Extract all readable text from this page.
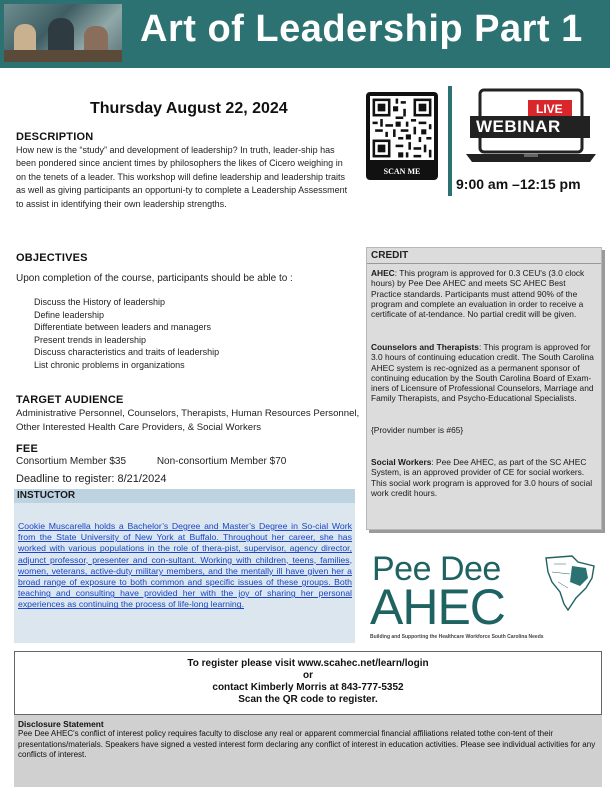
Art of Leadership Part 1
Thursday August 22, 2024
SCAN ME
LIVE
WEBINAR
9:00 am –12:15 pm
DESCRIPTION
How new is the “study” and development of leadership? In truth, leader-ship has been pondered since ancient times by philosophers the likes of Cicero weighing in on the tenets of a leader. This workshop will define leadership and leadership traits as well as giving participants an opportuni-ty to complete a Leadership Assessment to assist in identifying their own leadership strengths.
OBJECTIVES
Upon completion of the course, participants should be able to :
Discuss the History of leadership
Define leadership
Differentiate between leaders and managers
Present trends in leadership
Discuss characteristics and traits of leadership
List chronic problems in organizations
TARGET AUDIENCE
Administrative Personnel, Counselors, Therapists, Human Resources Personnel, Other Interested Health Care Providers, & Social Workers
FEE
Consortium Member $35	Non-consortium Member $70
Deadline to register: 8/21/2024
INSTUCTOR
Cookie Muscarella holds a Bachelor’s Degree and Master’s Degree in So-cial Work from the State University of New York at Buffalo. Throughout her career, she has worked with various populations in the role of thera-pist, supervisor, agency director, adjunct professor, presenter and con-sultant. Working with children, teens, families, women, veterans, active-duty military members, and the mentally ill have given her a broad range of exposure to both common and specific issues of these groups. Both teaching and consulting have provided her with the joy of sharing her personal experiences as continuing the process of life-long learning.
CREDIT
AHEC: This program is approved for 0.3 CEU's (3.0 clock hours) by Pee Dee AHEC and meets SC AHEC Best Practice standards. Participants must attend 90% of the program and complete an evaluation in order to receive a certificate of at-tendance. No partial credit will be given.
Counselors and Therapists: This program is approved for 3.0 hours of continuing education credit. The South Carolina AHEC system is rec-ognized as a permanent sponsor of continuing education by the South Carolina Board of Exam-iners of Licensure of Professional Counselors, Marriage and Family Therapists, and Psycho-Educational Specialists.
{Provider number is #65}
Social Workers: Pee Dee AHEC, as part of the SC AHEC System, is an approved provider of CE for social workers. This social work program is approved for 3.0 hours of social work credit hours.
Pee Dee
AHEC
Building and Supporting the Healthcare Workforce South Carolina Needs
To register please visit www.scahec.net/learn/login
or
contact Kimberly Morris at 843-777-5352
Scan the QR code to register.
Disclosure Statement
Pee Dee AHEC's conflict of interest policy requires faculty to disclose any real or apparent commercial financial affiliations related tothe con-tent of their presentations/materials. Speakers have signed a vested interest form declaring any conflict of interest in education activities. Please see individual activities for any conflicts of interest.
